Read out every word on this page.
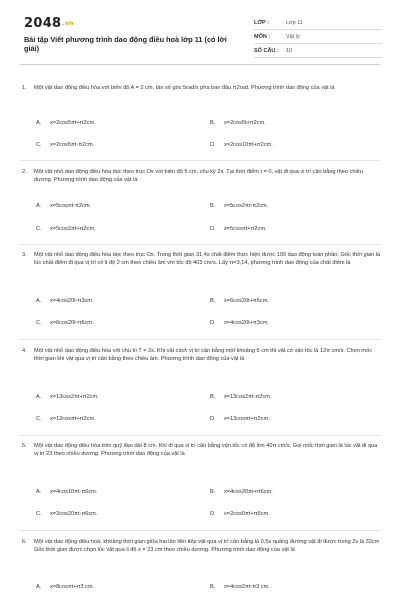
2048.vn
Bài tập Viết phương trình dao động điều hoà lớp 11 (có lời giải)
LỚP :	Lớp 11
MÔN :	Vật lý
SỐ CÂU :	10
1.	Một vật dao động điều hòa với biên độ A = 2 cm, tần số góc 5rad/s pha ban đầu π2rad. Phương trình dao động của vật là
A. x=2cos5πt+π2cm.	B. x=2cos5t+π2cm.
C. x=2cos5πt-π2cm.	D. x=2cos10πt+π2cm.
2.	Một vật nhỏ dao động điều hòa dọc theo trục Ox với biên độ 5 cm, chu kỳ 2s. Tại thời điểm t = 0, vật đi qua vị trí cân bằng theo chiều dương. Phương trình dao động của vật là
A. x=5cosπt-π2cm.	B. x=5cos2πt-π2cm.
C. x=5cos2πt+π2cm.	D. x=5cosπt+π2cm.
3.	Một vật nhỏ dao động điều hòa dọc theo trục Ox. Trong thời gian 31,4s chất điểm thực hiện được 100 dao động toàn phần. Gốc thời gian là lúc chất điểm đi qua vị trí có li độ 2 cm theo chiều âm với tốc độ 403 cm/s. Lấy π=3,14, phương trình dao động của chất điểm là
A. x=4cos20t-π3cm.	B. x=6cos20t+π6cm.
C. x=6cos20t-π6cm.	D. x=4cos20t+π3cm.
4.	Một vật nhỏ dao động điều hòa với chu kì T = 2s. Khi vật cách vị trí cân bằng một khoảng 5 cm thì vật có vận tốc là 12π cm/s. Chọn mốc thời gian khi vật qua vị trí cân bằng theo chiều âm. Phương trình dao động của vật là
A. x=13cos2πt+π2cm.	B. x=13cos2πt-π2cm.
C. x=12cosπt+π2cm.	D. x=13cosπt+π2cm.
5.	Một vật dao động điều hòa trên quỹ đạo dài 8 cm. Khi đi qua vị trí cân bằng vận tốc có độ lớn 40π cm/s. Gọi mốc thời gian là lúc vật đi qua vị trí 23 theo chiều dương. Phương trình dao động của vật là
A. x=4cos10πt-π6cm.	B. x=4cos20πt+π6cm.
C. x=2cos20πt-π6cm.	D. x=2cos0πt+π6cm.
6.	Một vật dao động điều hoà, khoảng thời gian giữa hai lần liên tiếp vật qua vị trí cân bằng là 0,5s quãng đường vật đi được trong 2s là 32cm Gốc thời gian được chọn lúc vật qua li độ x = 23 cm theo chiều dương. Phương trình dao động của vật là
A. x=8cosπt+π3 cm.	B. x=4cos2πt-π3 cm.
